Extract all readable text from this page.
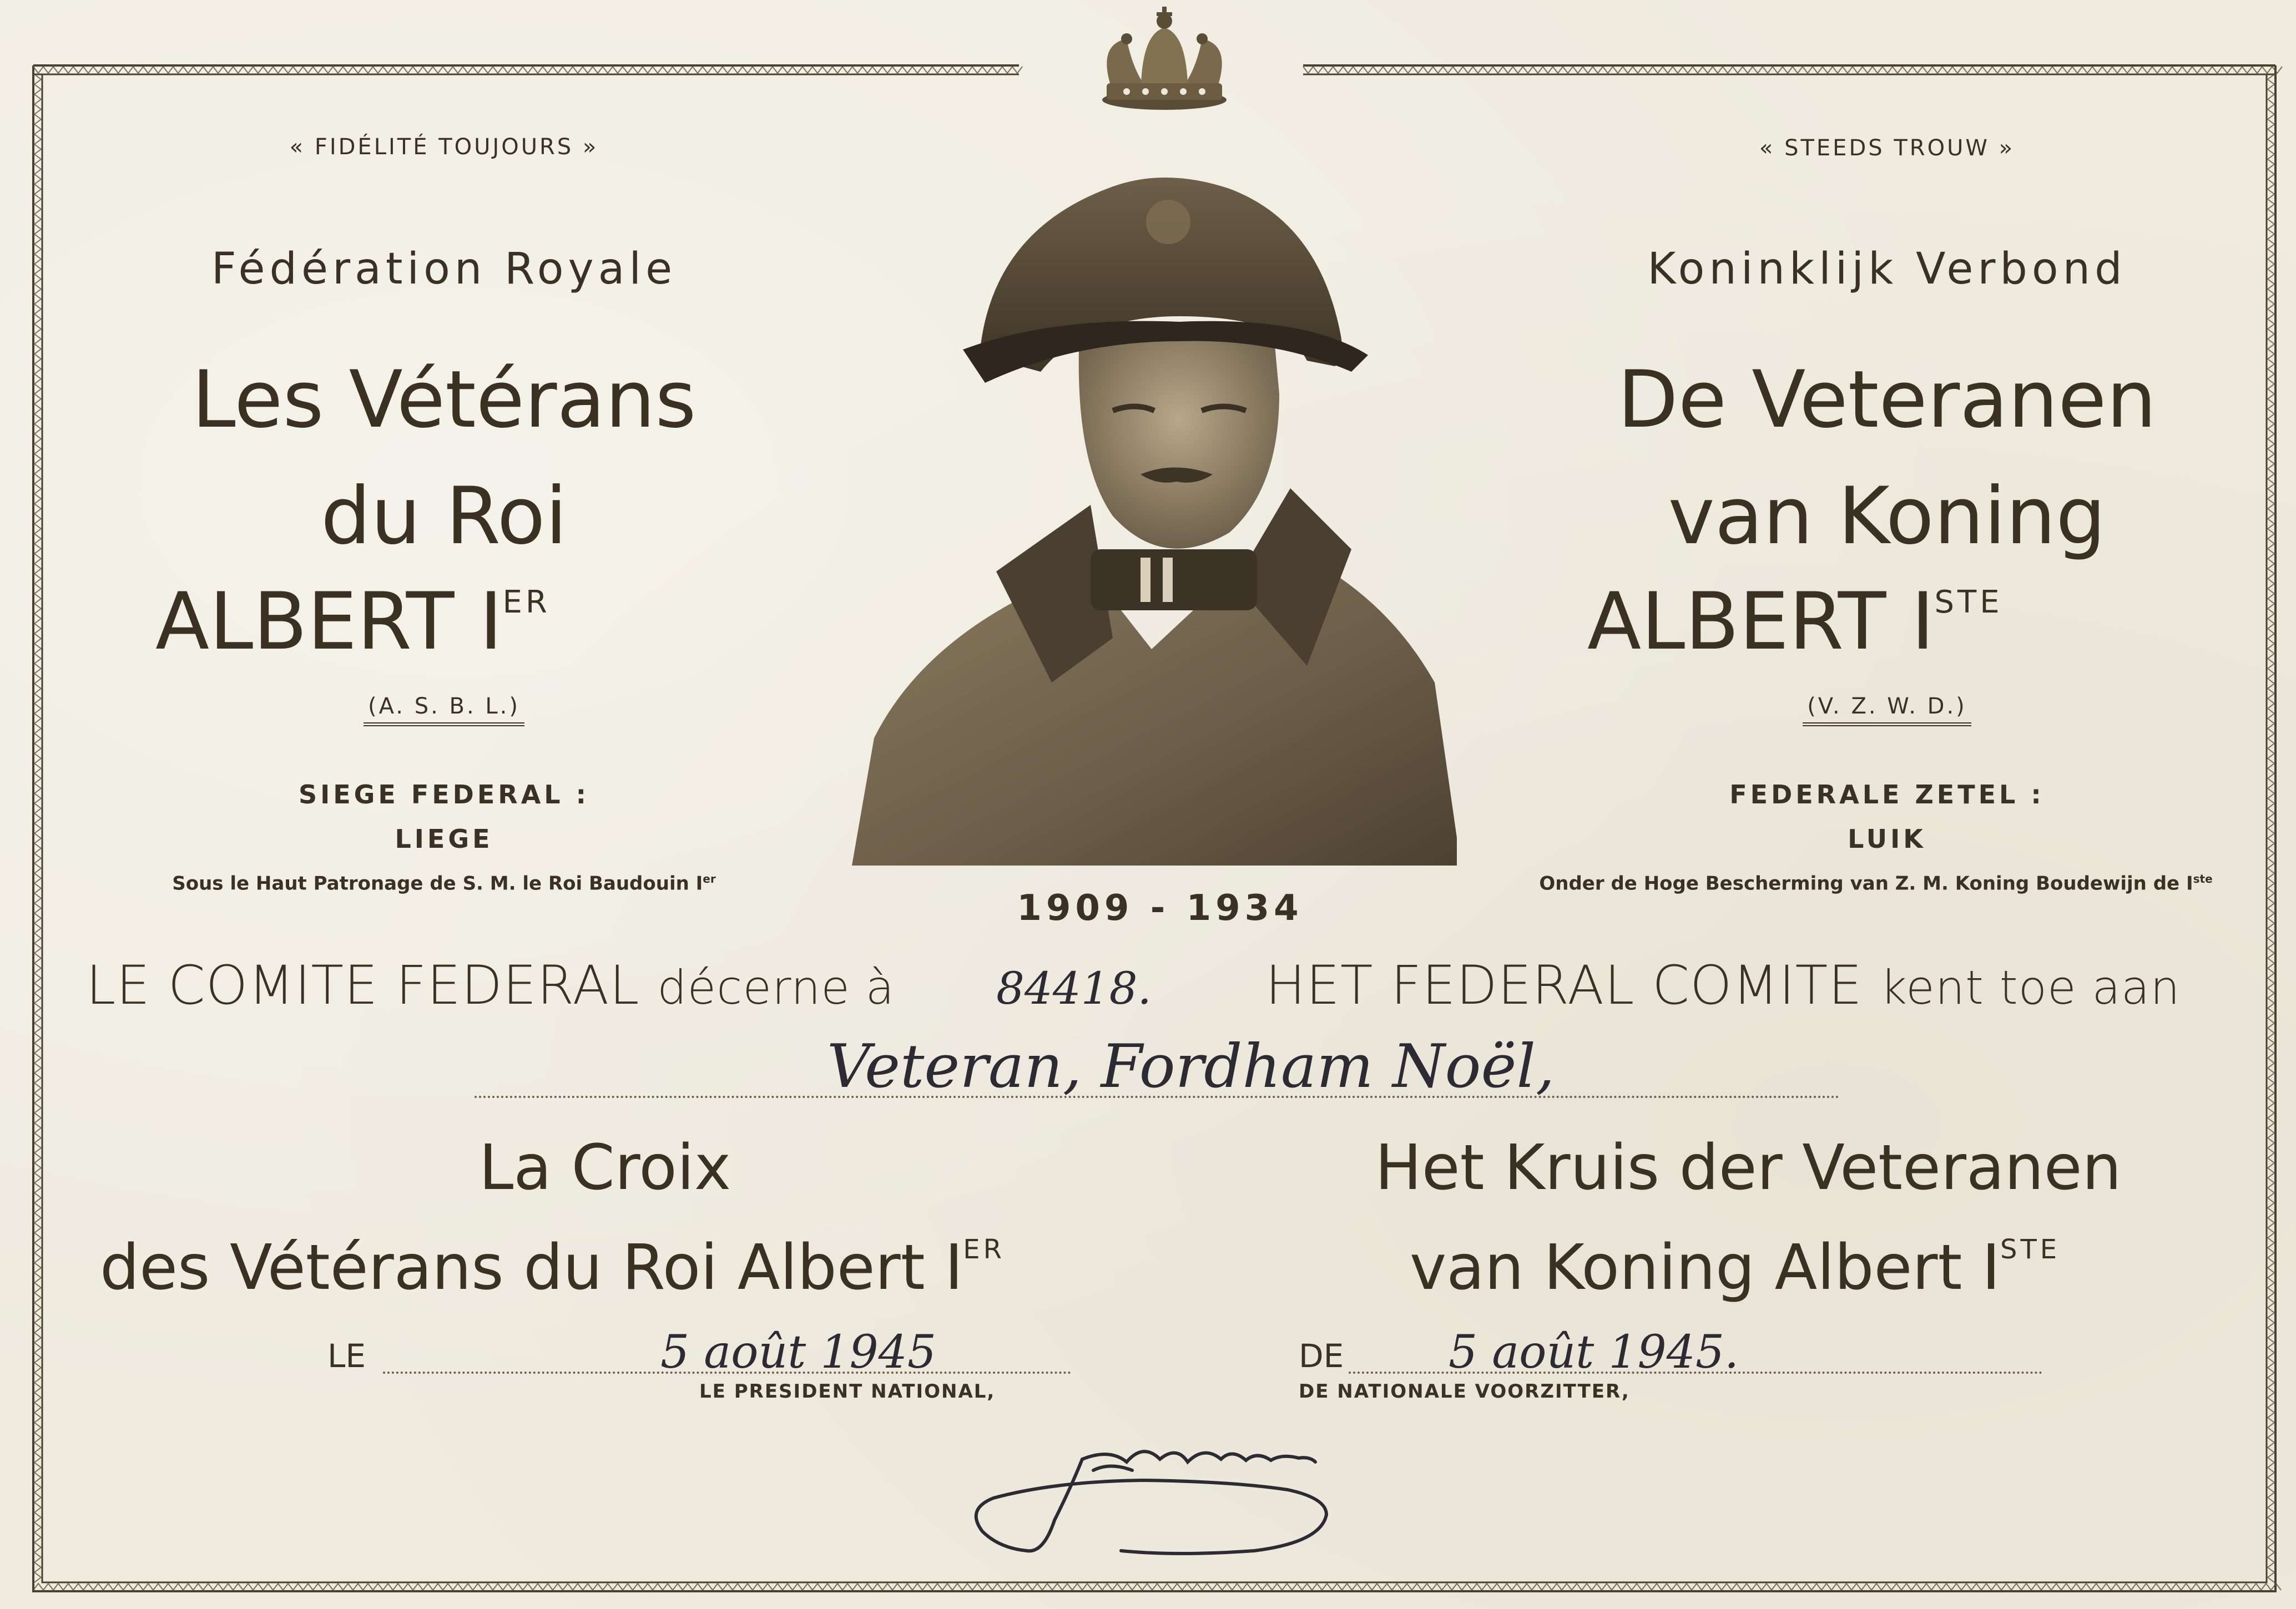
« FIDÉLITÉ TOUJOURS »
Fédération Royale
Les Vétérans
du Roi
ALBERT IER
(A. S. B. L.)
SIEGE FEDERAL :
LIEGE
Sous le Haut Patronage de S. M. le Roi Baudouin Ier
« STEEDS TROUW »
Koninklijk Verbond
De Veteranen
van Koning
ALBERT ISTE
(V. Z. W. D.)
FEDERALE ZETEL :
LUIK
Onder de Hoge Bescherming van Z. M. Koning Boudewijn de Iste
1909 - 1934
LE COMITE FEDERAL décerne à 84418. HET FEDERAL COMITE kent toe aan
Veteran, Fordham Noël,
La Croix
des Vétérans du Roi Albert IER
Het Kruis der Veteranen
van Koning Albert ISTE
LE	5 août 1945	DE 5 août 1945.
LE PRESIDENT NATIONAL,	DE NATIONALE VOORZITTER,
